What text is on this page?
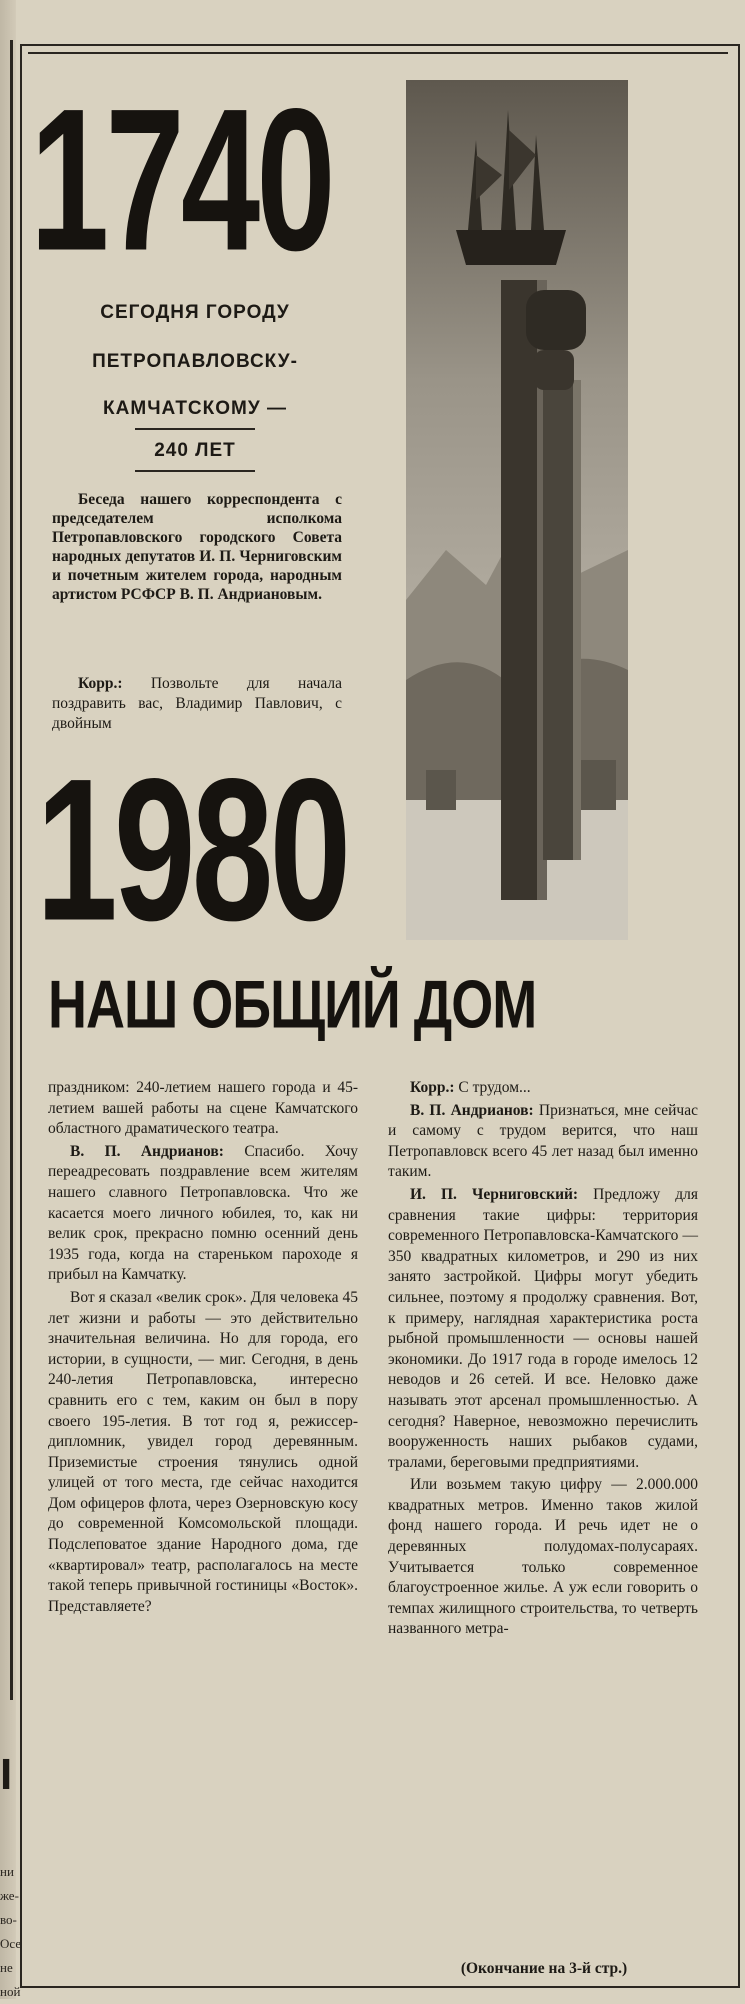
I
ни
же-
во-
Осе
не
ной
1740
СЕГОДНЯ ГОРОДУ
ПЕТРОПАВЛОВСКУ-
КАМЧАТСКОМУ —
240 ЛЕТ
Беседа нашего корреспондента с председателем исполкома Петропавловского городского Совета народных депутатов И. П. Черниговским и почетным жителем города, народным артистом РСФСР В. П. Андриановым.
Корр.: Позвольте для начала поздравить вас, Владимир Павлович, с двойным
1980
НАШ ОБЩИЙ ДОМ

праздником: 240-летием нашего города и 45-летием вашей работы на сцене Камчатского областного драматического театра.

В. П. Андрианов: Спасибо. Хочу переадресовать поздравление всем жителям нашего славного Петропавловска. Что же касается моего личного юбилея, то, как ни велик срок, прекрасно помню осенний день 1935 года, когда на стареньком пароходе я прибыл на Камчатку.

Вот я сказал «велик срок». Для человека 45 лет жизни и работы — это действительно значительная величина. Но для города, его истории, в сущности, — миг. Сегодня, в день 240-летия Петропавловска, интересно сравнить его с тем, каким он был в пору своего 195-летия. В тот год я, режиссер-дипломник, увидел город деревянным. Приземистые строения тянулись одной улицей от того места, где сейчас находится Дом офицеров флота, через Озерновскую косу до современной Комсомольской площади. Подслеповатое здание Народного дома, где «квартировал» театр, располагалось на месте такой теперь привычной гостиницы «Восток». Представляете?

Корр.: С трудом...

В. П. Андрианов: Признаться, мне сейчас и самому с трудом верится, что наш Петропавловск всего 45 лет назад был именно таким.

И. П. Черниговский: Предложу для сравнения такие цифры: территория современного Петропавловска-Камчатского — 350 квадратных километров, и 290 из них занято застройкой. Цифры могут убедить сильнее, поэтому я продолжу сравнения. Вот, к примеру, наглядная характеристика роста рыбной промышленности — основы нашей экономики. До 1917 года в городе имелось 12 неводов и 26 сетей. И все. Неловко даже называть этот арсенал промышленностью. А сегодня? Наверное, невозможно перечислить вооруженность наших рыбаков судами, тралами, береговыми предприятиями.

Или возьмем такую цифру — 2.000.000 квадратных метров. Именно таков жилой фонд нашего города. И речь идет не о деревянных полудомах-полусараях. Учитывается только современное благоустроенное жилье. А уж если говорить о темпах жилищного строительства, то четверть названного метра-

(Окончание на 3-й стр.)
